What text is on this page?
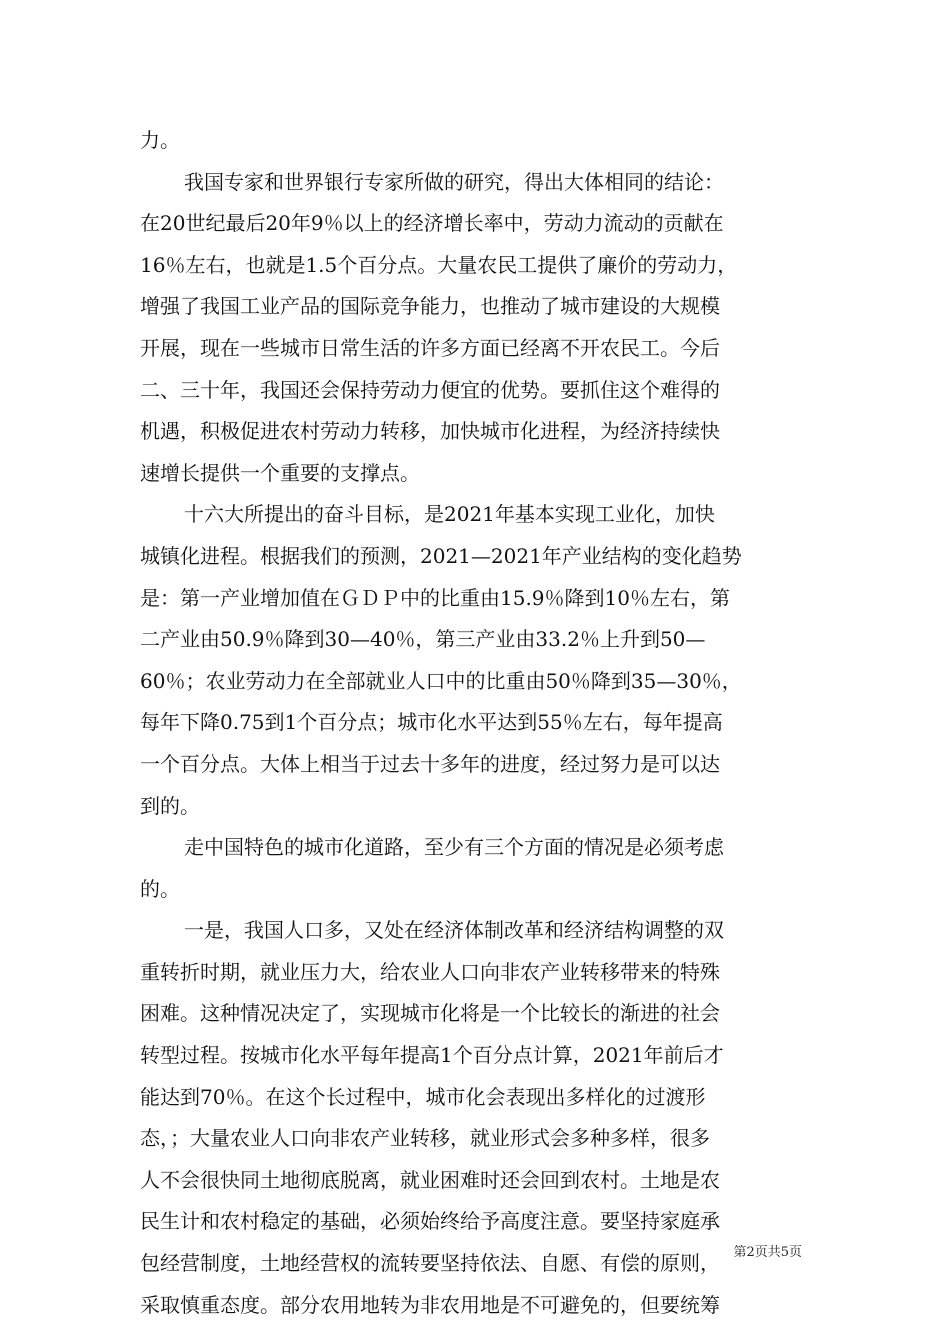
力。
我国专家和世界银行专家所做的研究，得出大体相同的结论：
在20世纪最后20年9％以上的经济增长率中，劳动力流动的贡献在
16％左右，也就是1.5个百分点。大量农民工提供了廉价的劳动力，
增强了我国工业产品的国际竞争能力，也推动了城市建设的大规模
开展，现在一些城市日常生活的许多方面已经离不开农民工。今后
二、三十年，我国还会保持劳动力便宜的优势。要抓住这个难得的
机遇，积极促进农村劳动力转移，加快城市化进程，为经济持续快
速增长提供一个重要的支撑点。
十六大所提出的奋斗目标，是2021年基本实现工业化，加快
城镇化进程。根据我们的预测，2021—2021年产业结构的变化趋势
是：第一产业增加值在ＧＤＰ中的比重由15.9％降到10％左右，第
二产业由50.9％降到30—40％，第三产业由33.2％上升到50—
60％；农业劳动力在全部就业人口中的比重由50％降到35—30％，
每年下降0.75到1个百分点；城市化水平达到55％左右，每年提高
一个百分点。大体上相当于过去十多年的进度，经过努力是可以达
到的。
走中国特色的城市化道路，至少有三个方面的情况是必须考虑
的。
一是，我国人口多，又处在经济体制改革和经济结构调整的双
重转折时期，就业压力大，给农业人口向非农产业转移带来的特殊
困难。这种情况决定了，实现城市化将是一个比较长的渐进的社会
转型过程。按城市化水平每年提高1个百分点计算，2021年前后才
能达到70％。在这个长过程中，城市化会表现出多样化的过渡形
态，；大量农业人口向非农产业转移，就业形式会多种多样，很多
人不会很快同土地彻底脱离，就业困难时还会回到农村。土地是农
民生计和农村稳定的基础，必须始终给予高度注意。要坚持家庭承
包经营制度，土地经营权的流转要坚持依法、自愿、有偿的原则，
采取慎重态度。部分农用地转为非农用地是不可避免的，但要统筹
第2页共5页
